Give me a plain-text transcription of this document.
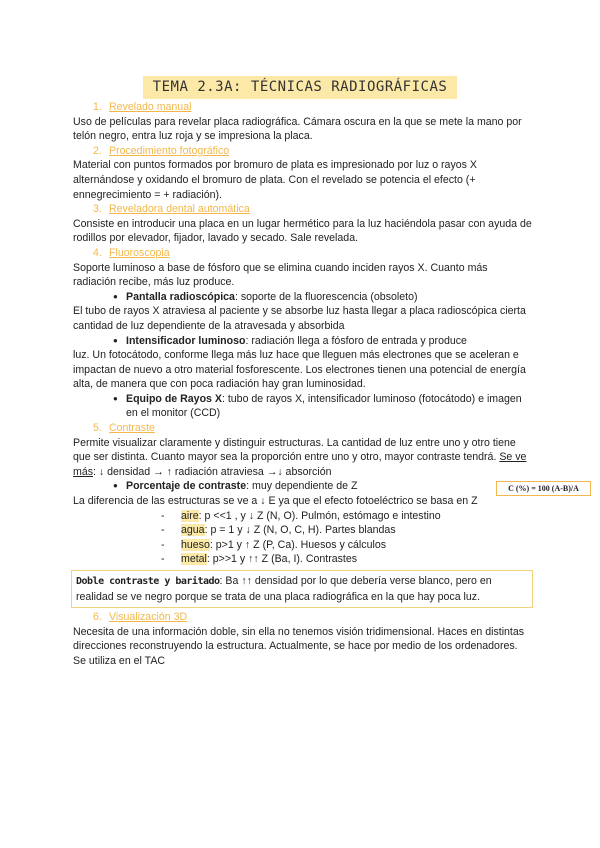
TEMA 2.3A: TÉCNICAS RADIOGRÁFICAS
1. Revelado manual

Uso de películas para revelar placa radiográfica. Cámara oscura en la que se mete la mano por telón negro, entra luz roja y se impresiona la placa.

2. Procedimiento fotográfico

Material con puntos formados por bromuro de plata es impresionado por luz o rayos X alternándose y oxidando el bromuro de plata. Con el revelado se potencia el efecto (+ ennegrecimiento = + radiación).

3. Reveladora dental automática

Consiste en introducir una placa en un lugar hermético para la luz haciéndola pasar con ayuda de rodillos por elevador, fijador, lavado y secado. Sale revelada.

4. Fluoroscopia

Soporte luminoso a base de fósforo que se elimina cuando inciden rayos X. Cuanto más radiación recibe, más luz produce.

● Pantalla radioscópica: soporte de la fluorescencia (obsoleto)

El tubo de rayos X atraviesa al paciente y se absorbe luz hasta llegar a placa radioscópica cierta cantidad de luz dependiente de la atravesada y absorbida

● Intensificador luminoso: radiación llega a fósforo de entrada y produce

luz. Un fotocátodo, conforme llega más luz hace que lleguen más electrones que se aceleran e impactan de nuevo a otro material fosforescente. Los electrones tienen una potencial de energía alta, de manera que con poca radiación hay gran luminosidad.

● Equipo de Rayos X: tubo de rayos X, intensificador luminoso (fotocátodo) e imagen en el monitor (CCD)
5. Contraste

Permite visualizar claramente y distinguir estructuras. La cantidad de luz entre uno y otro tiene que ser distinta. Cuanto mayor sea la proporción entre uno y otro, mayor contraste tendrá. Se ve más: ↓ densidad → ↑ radiación atraviesa →↓ absorción

● Porcentaje de contraste: muy dependiente de Z

La diferencia de las estructuras se ve a ↓ E ya que el efecto fotoeléctrico se basa en Z

- aire: p <<1 , y ↓ Z (N, O). Pulmón, estómago e intestino
- agua: p = 1 y ↓ Z (N, O, C, H). Partes blandas
- hueso: p>1 y ↑ Z (P, Ca). Huesos y cálculos
- metal: p>>1 y ↑↑ Z (Ba, I). Contrastes
Doble contraste y baritado: Ba ↑↑ densidad por lo que debería verse blanco, pero en realidad se ve negro porque se trata de una placa radiográfica en la que hay poca luz.
6. Visualización 3D

Necesita de una información doble, sin ella no tenemos visión tridimensional. Haces en distintas direcciones reconstruyendo la estructura. Actualmente, se hace por medio de los ordenadores. Se utiliza en el TAC

C (%) = 100 (A-B)/A
